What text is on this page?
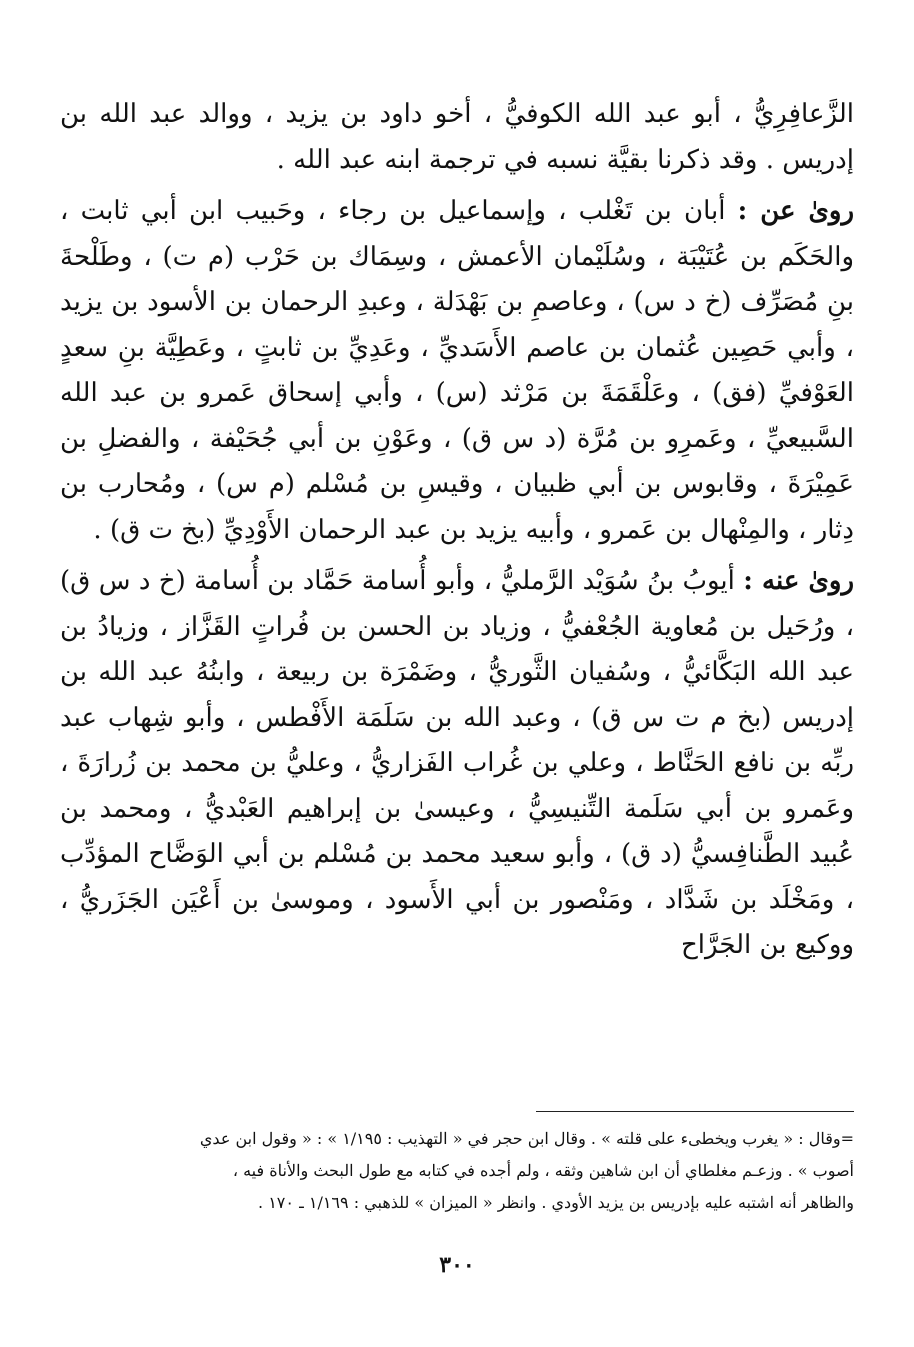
الزَّعافِرِيُّ ، أبو عبد الله الكوفيُّ ، أخو داود بن يزيد ، ووالد عبد الله بن إدريس . وقد ذكرنا بقيَّة نسبه في ترجمة ابنه عبد الله .

روىٰ عن : أبان بن تَغْلب ، وإسماعيل بن رجاء ، وحَبيب ابن أبي ثابت ، والحَكَم بن عُتَيْبَة ، وسُلَيْمان الأعمش ، وسِمَاك بن حَرْب (م ت) ، وطَلْحةَ بنِ مُصَرِّف (خ د س) ، وعاصمِ بن بَهْدَلة ، وعبدِ الرحمان بن الأسود بن يزيد ، وأبي حَصِين عُثمان بن عاصم الأَسَديِّ ، وعَدِيِّ بن ثابتٍ ، وعَطِيَّة بنِ سعدٍ العَوْفيِّ (فق) ، وعَلْقَمَةَ بن مَرْثد (س) ، وأبي إسحاق عَمرو بن عبد الله السَّبيعيِّ ، وعَمرِو بن مُرَّة (د س ق) ، وعَوْنِ بن أبي جُحَيْفة ، والفضلِ بن عَمِيْرَةَ ، وقابوس بن أبي ظبيان ، وقيسِ بن مُسْلم (م س) ، ومُحارب بن دِثار ، والمِنْهال بن عَمرو ، وأبيه يزيد بن عبد الرحمان الأَوْدِيِّ (بخ ت ق) .

روىٰ عنه : أيوبُ بنُ سُوَيْد الرَّمليُّ ، وأبو أُسامة حَمَّاد بن أُسامة (خ د س ق) ، ورُحَيل بن مُعاوية الجُعْفيُّ ، وزياد بن الحسن بن فُراتٍ القَزَّاز ، وزيادُ بن عبد الله البَكَّائيُّ ، وسُفيان الثَّوريُّ ، وضَمْرَة بن ربيعة ، وابنُهُ عبد الله بن إدريس (بخ م ت س ق) ، وعبد الله بن سَلَمَة الأَفْطس ، وأبو شِهاب عبد ربِّه بن نافع الحَنَّاط ، وعلي بن غُراب الفَزاريُّ ، وعليُّ بن محمد بن زُرارَةَ ، وعَمرو بن أبي سَلَمة التِّنيسِيُّ ، وعيسىٰ بن إبراهيم العَبْديُّ ، ومحمد بن عُبيد الطَّنافِسيُّ (د ق) ، وأبو سعيد محمد بن مُسْلم بن أبي الوَضَّاح المؤدِّب ، ومَخْلَد بن شَدَّاد ، ومَنْصور بن أبي الأَسود ، وموسىٰ بن أَعْيَن الجَزَريُّ ، ووكيع بن الجَرَّاح

=وقال : « يغرب ويخطىء على قلته » . وقال ابن حجر في « التهذيب : ١/١٩٥ » : « وقول ابن عدي

أصوب » . وزعـم مغلطاي أن ابن شاهين وثقه ، ولم أجده في كتابه مع طول البحث والأناة فيه ،

والظاهر أنه اشتبه عليه بإدريس بن يزيد الأودي . وانظر « الميزان » للذهبي : ١/١٦٩ ـ ١٧٠ .

٣٠٠
